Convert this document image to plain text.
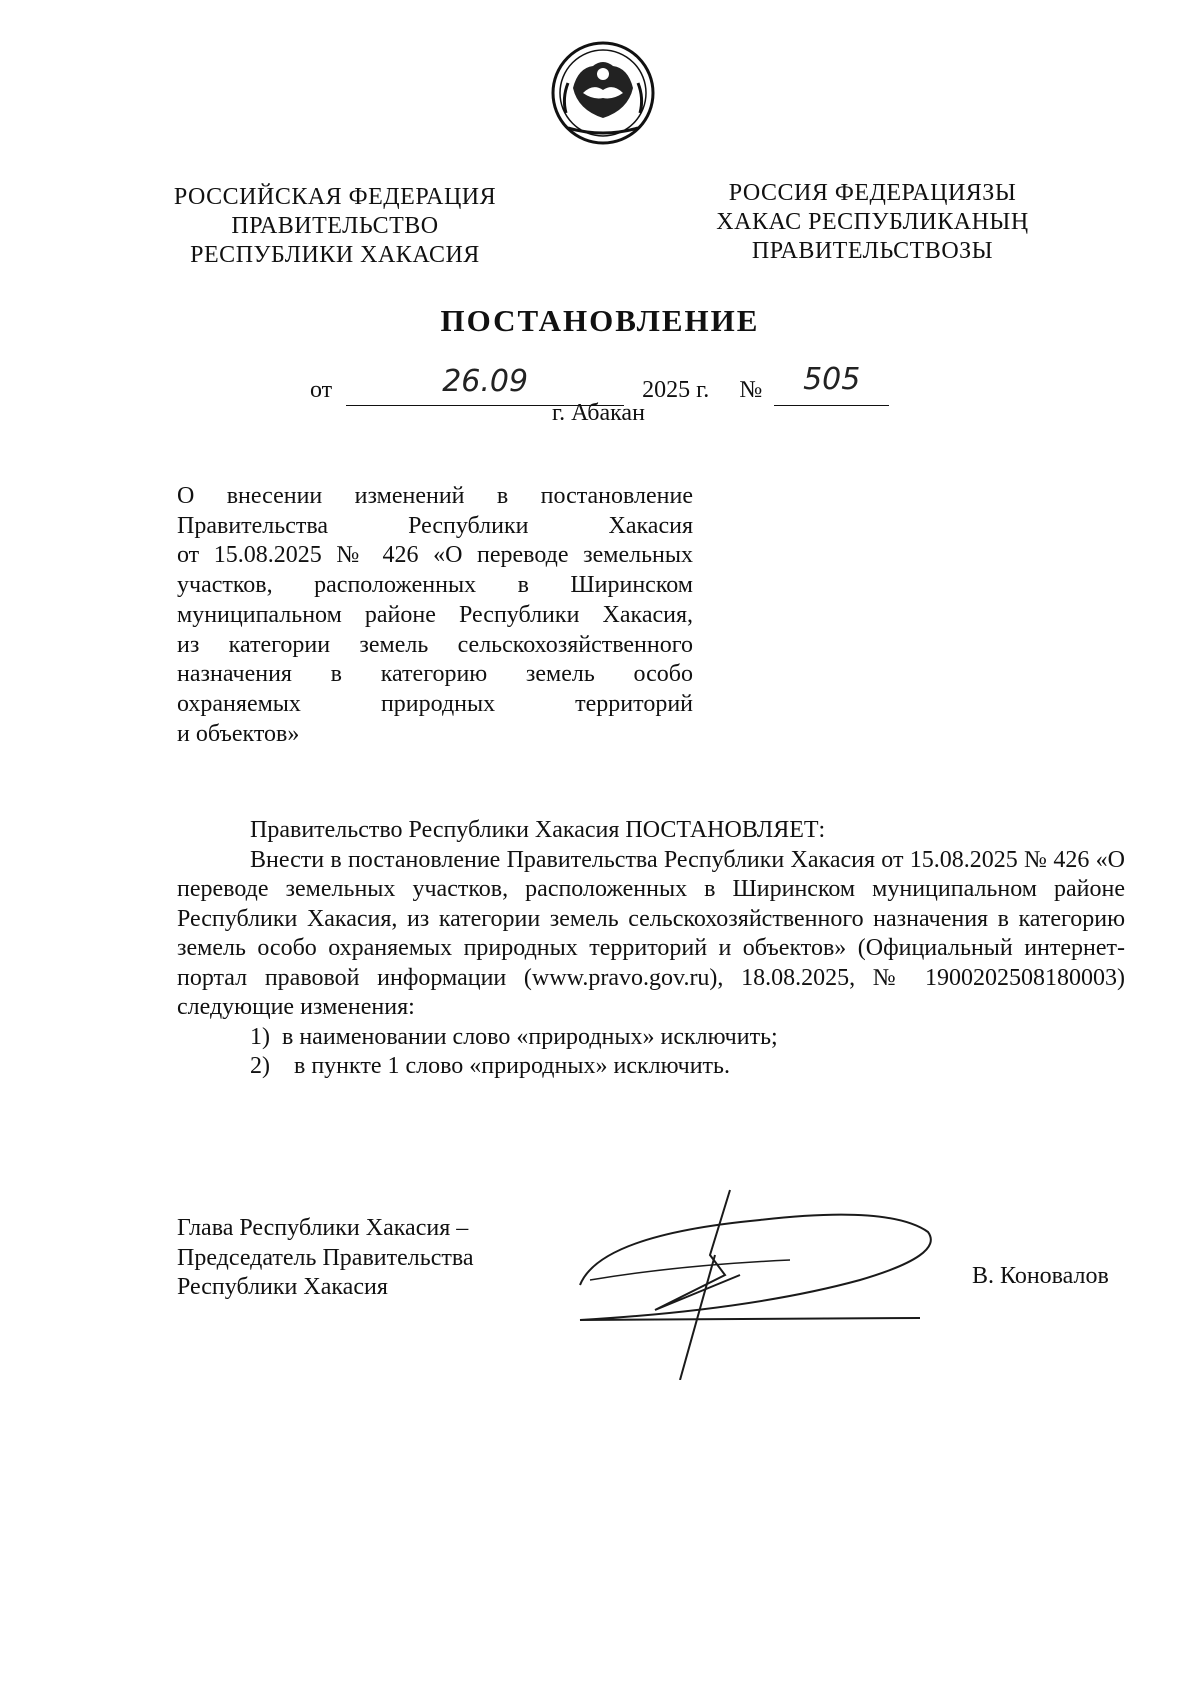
РОССИЙСКАЯ ФЕДЕРАЦИЯ
ПРАВИТЕЛЬСТВО
РЕСПУБЛИКИ ХАКАСИЯ
РОССИЯ ФЕДЕРАЦИЯЗЫ
ХАКАС РЕСПУБЛИКАНЫҢ
ПРАВИТЕЛЬСТВОЗЫ
ПОСТАНОВЛЕНИЕ
от	26.09	2025 г. № 505
г. Абакан

О внесении изменений в постановление

Правительства Республики Хакасия

от 15.08.2025 № 426 «О переводе земельных

участков, расположенных в Ширинском

муниципальном районе Республики Хакасия,

из категории земель сельскохозяйственного

назначения в категорию земель особо

охраняемых природных территорий

и объектов»

Правительство Республики Хакасия ПОСТАНОВЛЯЕТ:

Внести в постановление Правительства Республики Хакасия от 15.08.2025 № 426 «О переводе земельных участков, расположенных в Ширинском муниципальном районе Республики Хакасия, из категории земель сельскохозяйственного назначения в категорию земель особо охраняемых природных территорий и объектов» (Официальный интернет-портал правовой информации (www.pravo.gov.ru), 18.08.2025, № 1900202508180003) следующие изменения:

1) в наименовании слово «природных» исключить;

2)  в пункте 1 слово «природных» исключить.

Глава Республики Хакасия –
Председатель Правительства
Республики Хакасия	В. Коновалов
